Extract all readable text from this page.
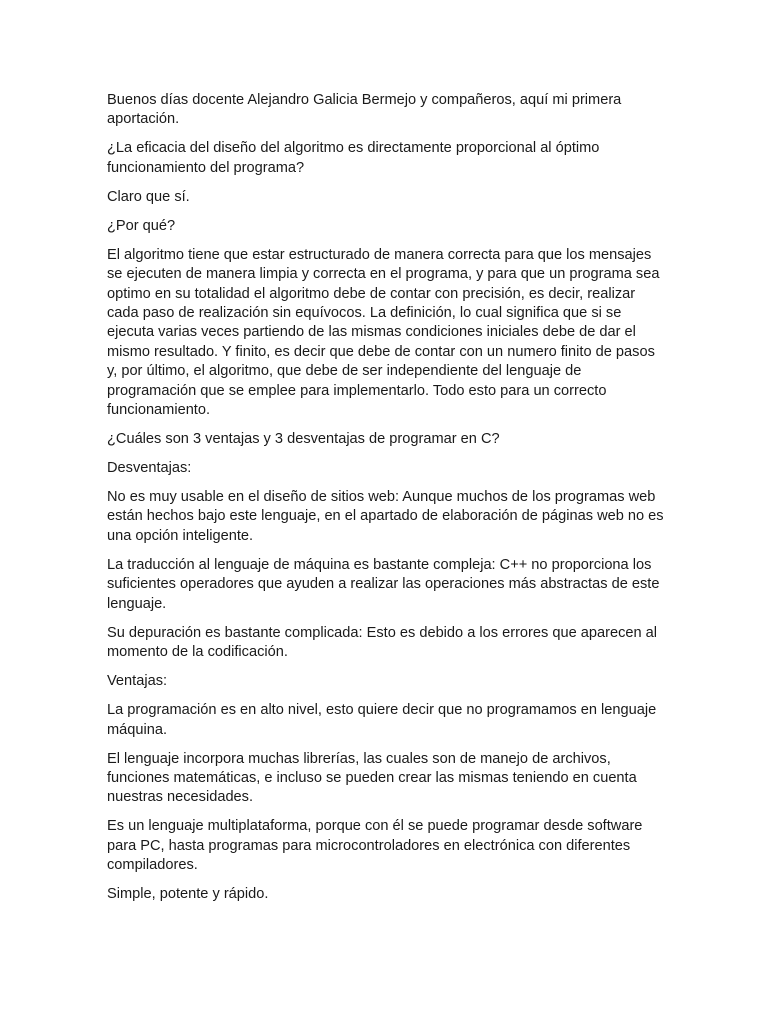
Buenos días docente Alejandro Galicia Bermejo y compañeros, aquí mi primera aportación.

¿La eficacia del diseño del algoritmo es directamente proporcional al óptimo funcionamiento del programa?

Claro que sí.

¿Por qué?

El algoritmo tiene que estar estructurado de manera correcta para que los mensajes se ejecuten de manera limpia y correcta en el programa, y para que un programa sea optimo en su totalidad el algoritmo debe de contar con precisión, es decir, realizar cada paso de realización sin equívocos. La definición, lo cual significa que si se ejecuta varias veces partiendo de las mismas condiciones iniciales debe de dar el mismo resultado. Y finito, es decir que debe de contar con un numero finito de pasos y, por último, el algoritmo, que debe de ser independiente del lenguaje de programación que se emplee para implementarlo. Todo esto para un correcto funcionamiento.

¿Cuáles son 3 ventajas y 3 desventajas de programar en C?

Desventajas:

No es muy usable en el diseño de sitios web: Aunque muchos de los programas web están hechos bajo este lenguaje, en el apartado de elaboración de páginas web no es una opción inteligente.

La traducción al lenguaje de máquina es bastante compleja: C++ no proporciona los suficientes operadores que ayuden a realizar las operaciones más abstractas de este lenguaje.

Su depuración es bastante complicada: Esto es debido a los errores que aparecen al momento de la codificación.

Ventajas:

La programación es en alto nivel, esto quiere decir que no programamos en lenguaje máquina.

El lenguaje incorpora muchas librerías, las cuales son de manejo de archivos, funciones matemáticas, e incluso se pueden crear las mismas teniendo en cuenta nuestras necesidades.

Es un lenguaje multiplataforma, porque con él se puede programar desde software para PC, hasta programas para microcontroladores en electrónica con diferentes compiladores.

Simple, potente y rápido.
